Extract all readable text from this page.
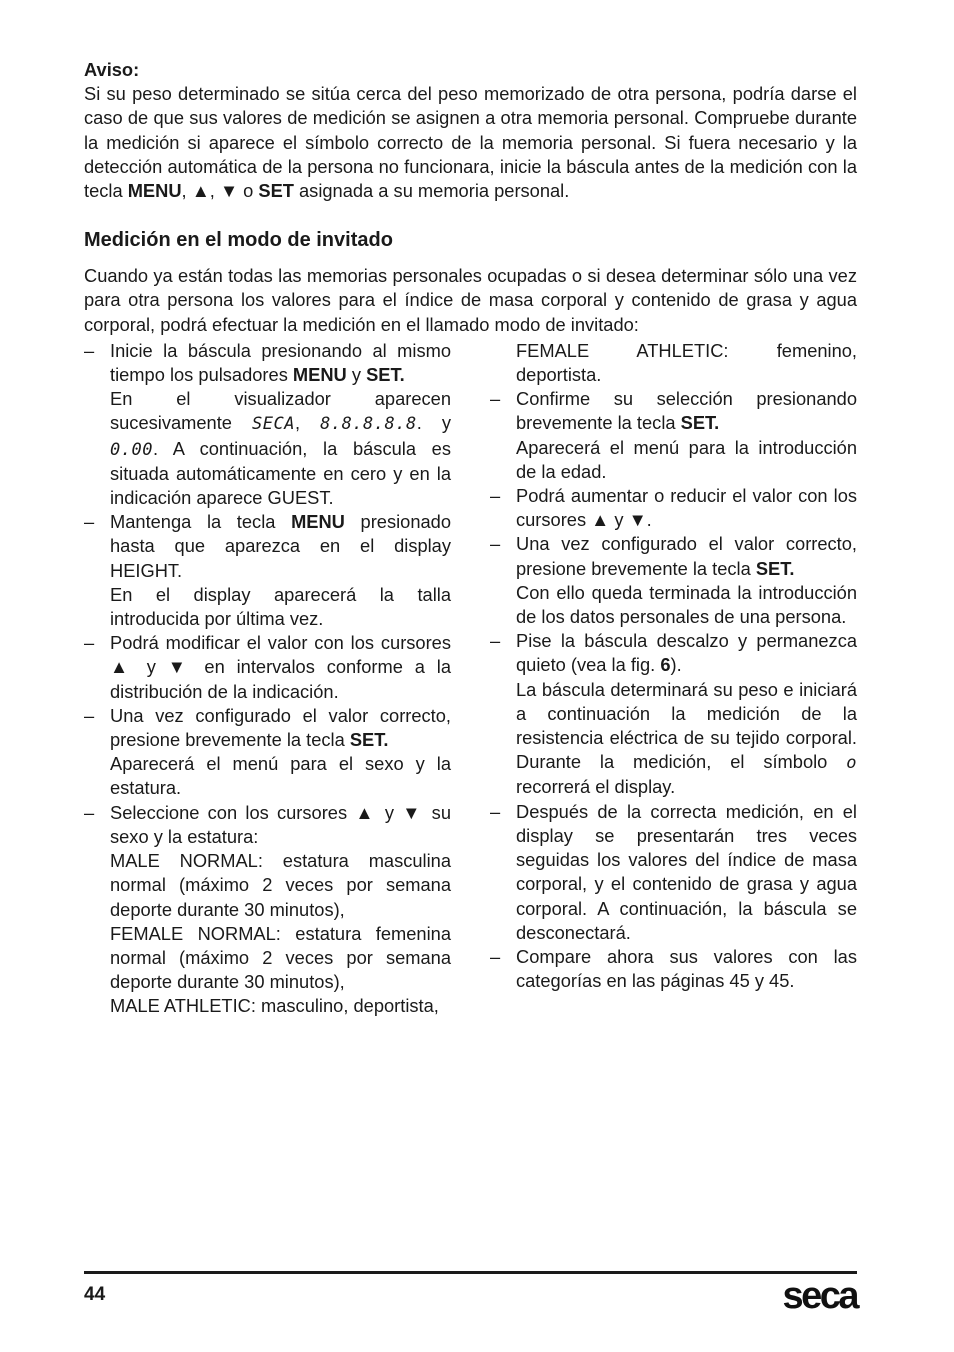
Aviso:

Si su peso determinado se sitúa cerca del peso memorizado de otra persona, podría darse el caso de que sus valores de medición se asignen a otra memoria personal. Compruebe durante la medición si aparece el símbolo correcto de la memoria personal. Si fuera necesario y la detección automática de la persona no funcionara, inicie la báscula antes de la medición con la tecla MENU, ▲, ▼ o SET asignada a su memoria personal.

Medición en el modo de invitado

Cuando ya están todas las memorias personales ocupadas o si desea determinar sólo una vez para otra persona los valores para el índice de masa corporal y contenido de grasa y agua corporal, podrá efectuar la medición en el llamado modo de invitado:

– Inicie la báscula presionando al mismo tiempo los pulsadores MENU y SET.
En el visualizador aparecen sucesivamente SECA, 8.8.8.8.8. y 0.00. A continuación, la báscula es situada automáticamente en cero y en la indicación aparece GUEST.
– Mantenga la tecla MENU presionado hasta que aparezca en el display HEIGHT.
En el display aparecerá la talla introducida por última vez.
– Podrá modificar el valor con los cursores ▲ y ▼ en intervalos conforme a la distribución de la indicación.
– Una vez configurado el valor correcto, presione brevemente la tecla SET.
Aparecerá el menú para el sexo y la estatura.
– Seleccione con los cursores ▲ y ▼ su sexo y la estatura:
MALE NORMAL: estatura masculina normal (máximo 2 veces por semana deporte durante 30 minutos),
FEMALE NORMAL: estatura femenina normal (máximo 2 veces por semana deporte durante 30 minutos),
MALE ATHLETIC: masculino, deportista,
FEMALE ATHLETIC: femenino, deportista.
– Confirme su selección presionando brevemente la tecla SET.
Aparecerá el menú para la introducción de la edad.
– Podrá aumentar o reducir el valor con los cursores ▲ y ▼.
– Una vez configurado el valor correcto, presione brevemente la tecla SET.
Con ello queda terminada la introducción de los datos personales de una persona.
– Pise la báscula descalzo y permanezca quieto (vea la fig. 6).
La báscula determinará su peso e iniciará a continuación la medición de la resistencia eléctrica de su tejido corporal. Durante la medición, el símbolo o recorrerá el display.
– Después de la correcta medición, en el display se presentarán tres veces seguidas los valores del índice de masa corporal, y el contenido de grasa y agua corporal. A continuación, la báscula se desconectará.
– Compare ahora sus valores con las categorías en las páginas 45 y 45.
44	seca
